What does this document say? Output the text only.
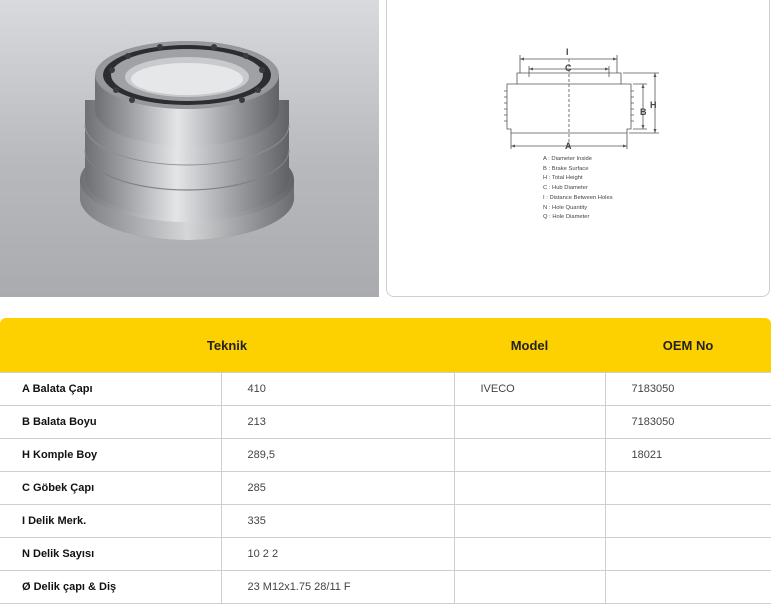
I
C
A
B
H
A : Diameter Inside
B : Brake Surface
H : Total Height
C : Hub Diameter
I : Distance Between Holes
N : Hole Quantity
Q : Hole Diameter
Teknik		Model	OEM No
A Balata Çapı	410	IVECO	7183050
B Balata Boyu	213		7183050
H Komple Boy	289,5		18021
C Göbek Çapı	285		
I Delik Merk.	335		
N Delik Sayısı	10 2 2		
Ø Delik çapı & Diş	23 M12x1.75 28/11 F		
